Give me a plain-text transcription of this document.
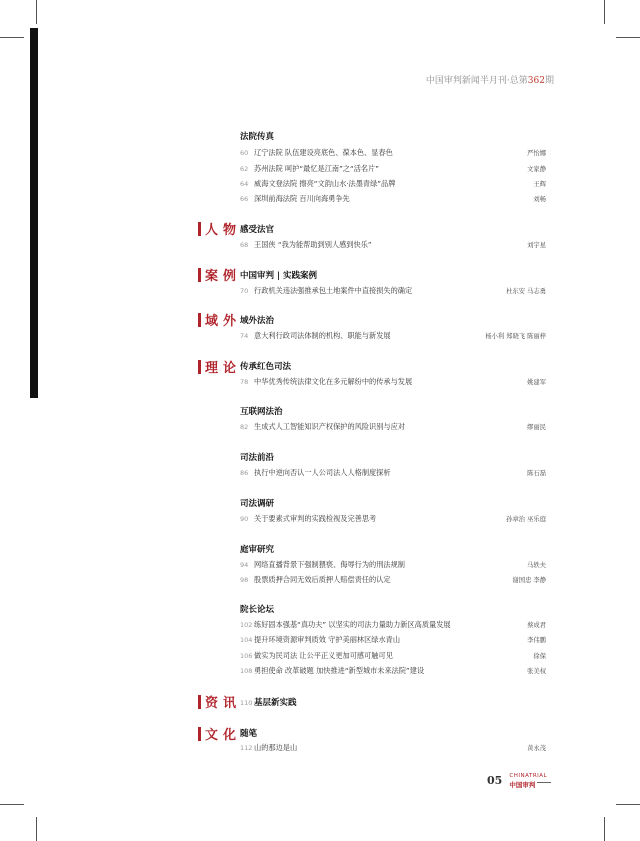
中国审判新闻半月刊·总第362期
法院传真
60 辽宁法院 队伍建设亮底色、葆本色、显春色	严怡娜
62 苏州法院 呵护“最忆是江南”之“活名片”	文家静
64 威海文登法院 擦亮“文韵山水·法墨青绿”品牌	王辉
66 深圳前海法院 百川向海勇争先	刘畅
人物
感受法官
68 王国侠 “我为能帮助到别人感到快乐”	刘宇星
案例
中国审判 | 实践案例
70 行政机关违法强推承包土地案件中直接损失的确定	杜东安 马志勇
域外
域外法治
74 意大利行政司法体制的机构、职能与新发展	杨小利 郑晓飞 陈丽梓
理论
传承红色司法
78 中华优秀传统法律文化在多元解纷中的传承与发展	姚建军
互联网法治
82 生成式人工智能知识产权保护的风险识别与应对	缪丽民
司法前沿
86 执行中逆向否认一人公司法人人格制度探析	陈石磊
司法调研
90 关于要素式审判的实践检视及完善思考	孙章治 巫乐庭
庭审研究
94 网络直播背景下强制猥亵、侮辱行为的刑法规制	马轶夫
98 股票质押合同无效后质押人赔偿责任的认定	谢国忠 李静
院长论坛
102 练好固本强基“真功夫” 以坚实的司法力量助力新区高质量发展	蔡成君
104 提升环境资源审判质效 守护美丽林区绿水青山	李伟鹏
106 做实为民司法 让公平正义更加可感可触可见	徐保
108 勇担使命 改革破题 加快推进“新型城市未来法院”建设	张美权
资讯
110 基层新实践
文化
随笔
112 山的那边是山	黄永茂
05 CHINATRIAL
中国审判
